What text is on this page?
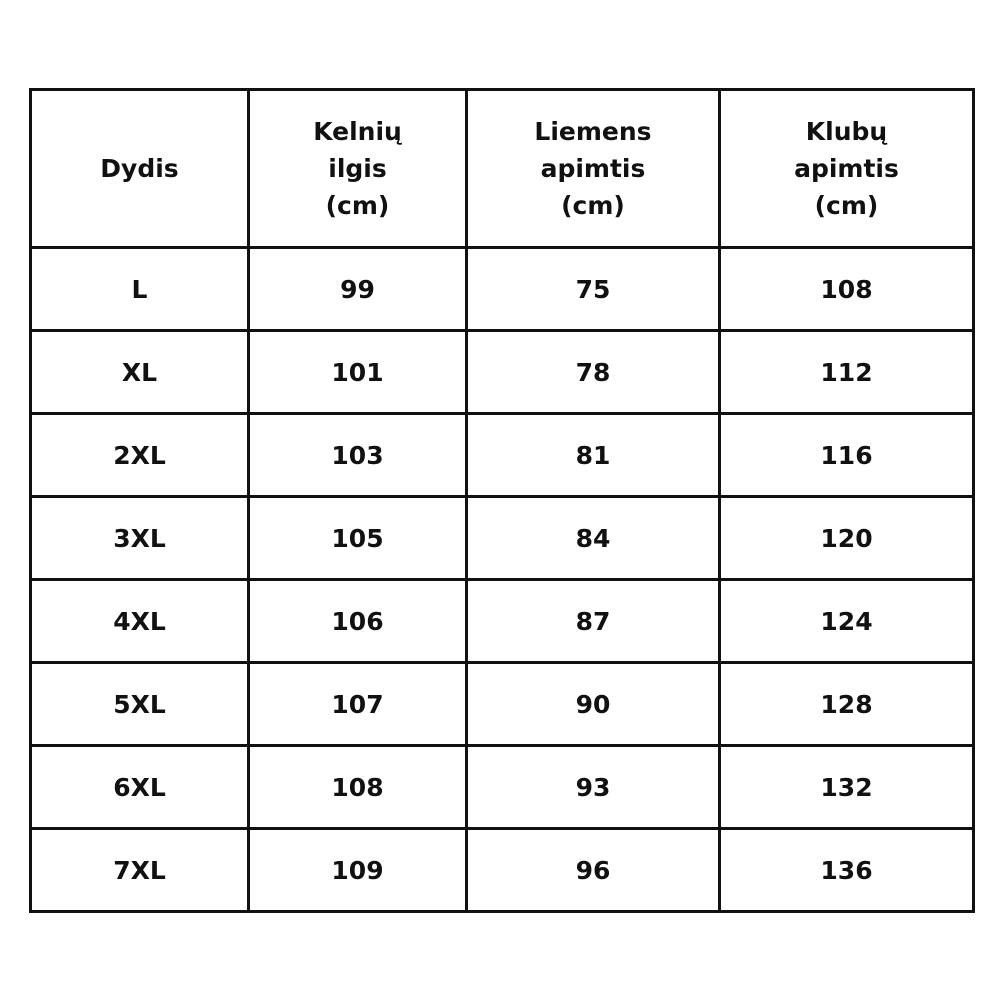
Dydis	Kelnių
ilgis
(cm)	Liemens
apimtis
(cm)	Klubų
apimtis
(cm)

L	99	75	108
XL	101	78	112
2XL	103	81	116
3XL	105	84	120
4XL	106	87	124
5XL	107	90	128
6XL	108	93	132
7XL	109	96	136
